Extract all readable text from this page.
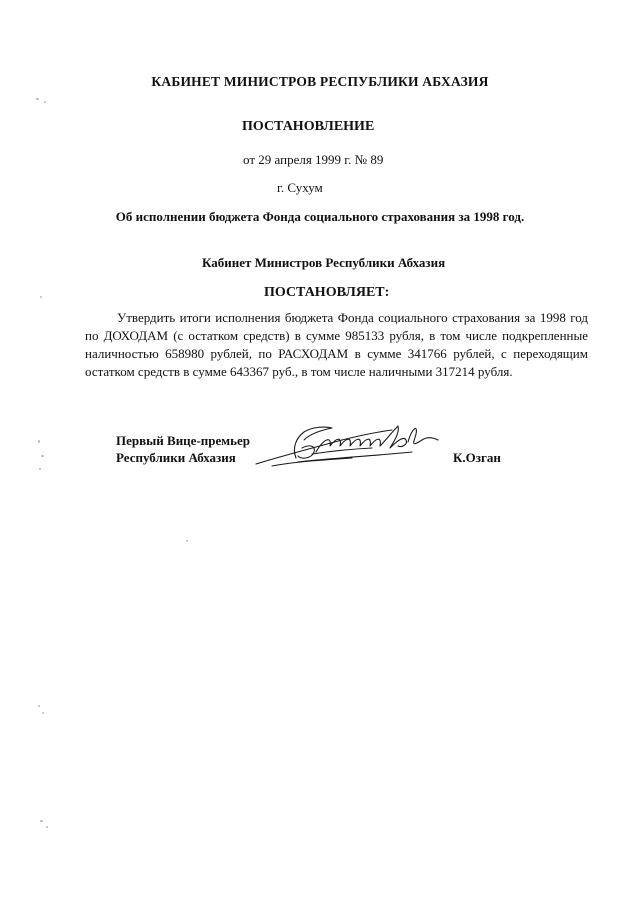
КАБИНЕТ МИНИСТРОВ РЕСПУБЛИКИ АБХАЗИЯ
ПОСТАНОВЛЕНИЕ
от 29 апреля 1999 г. № 89
г. Сухум
Об исполнении бюджета Фонда социального страхования за 1998 год.
Кабинет Министров Республики Абхазия
ПОСТАНОВЛЯЕТ:

Утвердить итоги исполнения бюджета Фонда социального страхования за 1998 год по ДОХОДАМ (с остатком средств) в сумме 985133 рубля, в том числе подкрепленные наличностью 658980 рублей, по РАСХОДАМ в сумме 341766 рублей, с переходящим остатком средств в сумме 643367 руб., в том числе наличными 317214 рубля.

Первый Вице-премьер
Республики Абхазия	К.Озган
